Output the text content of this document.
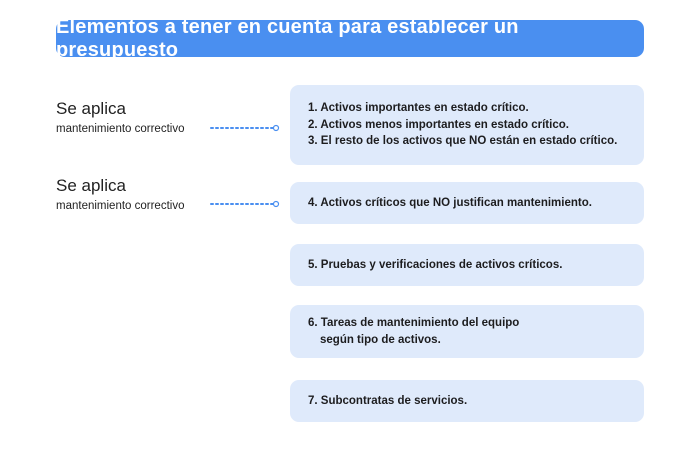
Elementos a tener en cuenta para establecer un presupuesto
Se aplica
mantenimiento correctivo
Se aplica
mantenimiento correctivo
1. Activos importantes en estado crítico.
2. Activos menos importantes en estado crítico.
3. El resto de los activos que NO están en estado crítico.
4. Activos críticos que NO justifican mantenimiento.
5. Pruebas y verificaciones de activos críticos.
6. Tareas de mantenimiento del equipo
según tipo de activos.
7. Subcontratas de servicios.
